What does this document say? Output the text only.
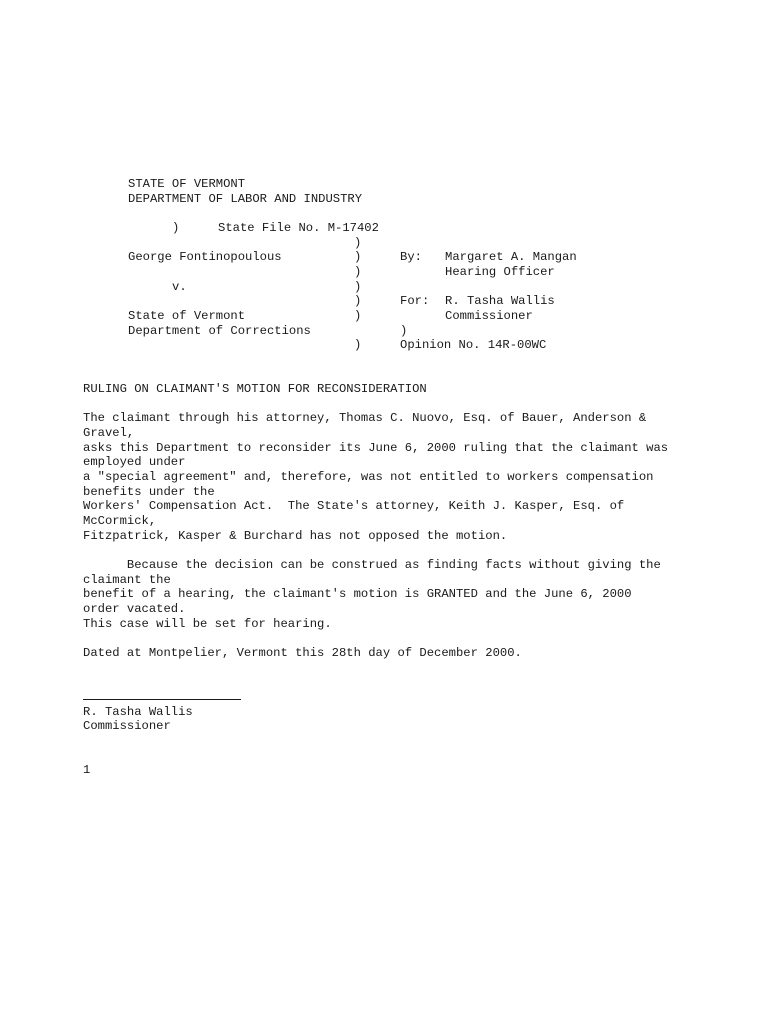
STATE OF VERMONT
DEPARTMENT OF LABOR AND INDUSTRY
)	State File No. M-17402
)
George Fontinopoulous	)	By: Margaret A. Mangan
)	Hearing Officer
v.	)
)	For: R. Tasha Wallis
State of Vermont	)	Commissioner
Department of Corrections	)
)	Opinion No. 14R-00WC
RULING ON CLAIMANT'S MOTION FOR RECONSIDERATION
The claimant through his attorney, Thomas C. Nuovo, Esq. of Bauer, Anderson &
Gravel,
asks this Department to reconsider its June 6, 2000 ruling that the claimant was
employed under
a "special agreement" and, therefore, was not entitled to workers compensation
benefits under the
Workers' Compensation Act.  The State's attorney, Keith J. Kasper, Esq. of
McCormick,
Fitzpatrick, Kasper & Burchard has not opposed the motion.
Because the decision can be construed as finding facts without giving the
claimant the
benefit of a hearing, the claimant's motion is GRANTED and the June 6, 2000
order vacated.
This case will be set for hearing.
Dated at Montpelier, Vermont this 28th day of December 2000.
R. Tasha Wallis
Commissioner
1
